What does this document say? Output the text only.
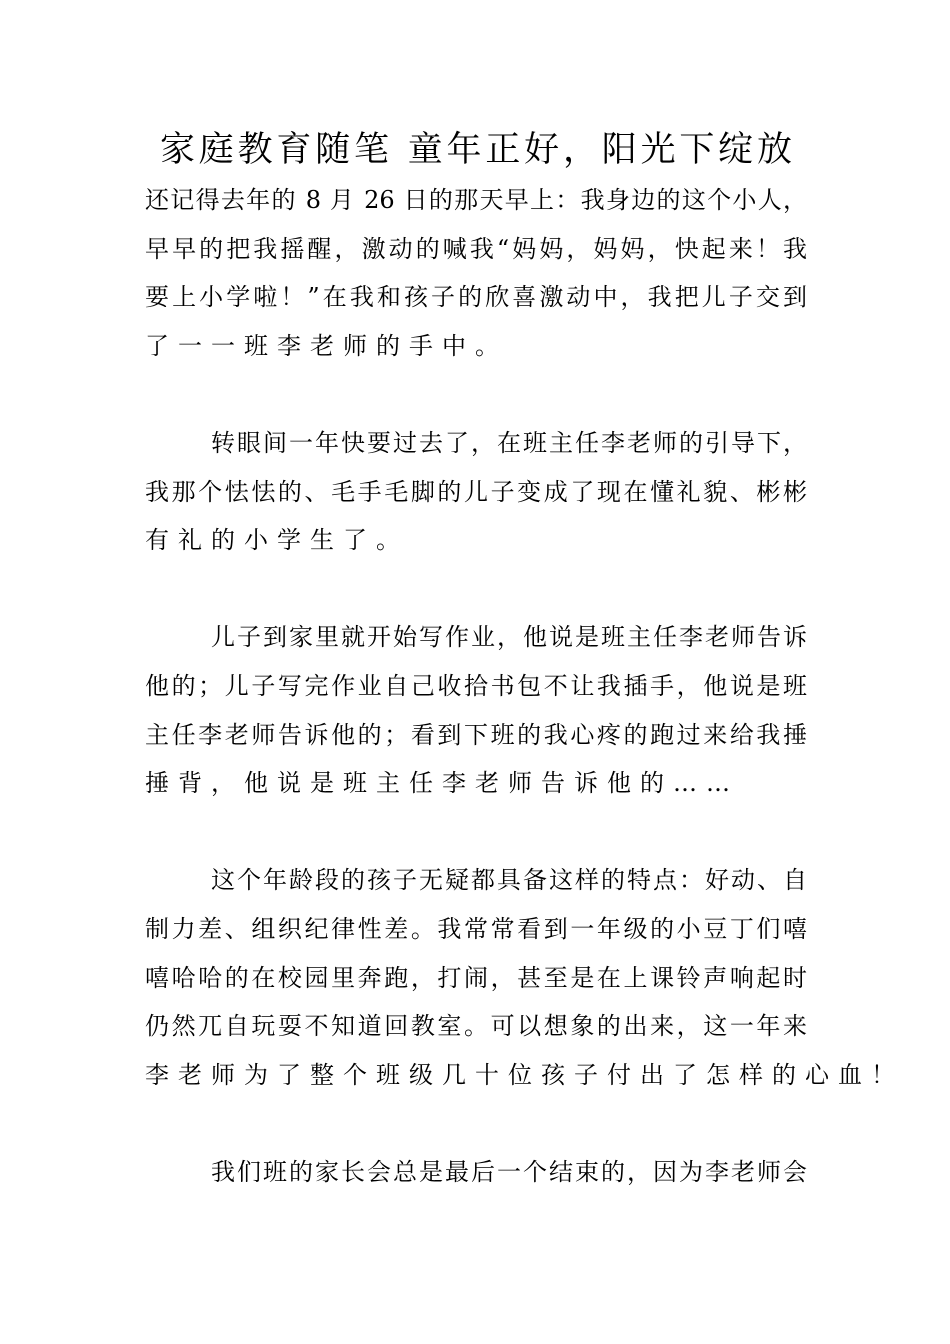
家庭教育随笔 童年正好，阳光下绽放
还记得去年的 8 月 26 日的那天早上：我身边的这个小人，
早早的把我摇醒，激动的喊我“妈妈，妈妈，快起来！我
要上小学啦！”在我和孩子的欣喜激动中，我把儿子交到
了一一班李老师的手中。
转眼间一年快要过去了，在班主任李老师的引导下，
我那个怯怯的、毛手毛脚的儿子变成了现在懂礼貌、彬彬
有礼的小学生了。
儿子到家里就开始写作业，他说是班主任李老师告诉
他的；儿子写完作业自己收拾书包不让我插手，他说是班
主任李老师告诉他的；看到下班的我心疼的跑过来给我捶
捶背，他说是班主任李老师告诉他的……
这个年龄段的孩子无疑都具备这样的特点：好动、自
制力差、组织纪律性差。我常常看到一年级的小豆丁们嘻
嘻哈哈的在校园里奔跑，打闹，甚至是在上课铃声响起时
仍然兀自玩耍不知道回教室。可以想象的出来，这一年来
李老师为了整个班级几十位孩子付出了怎样的心血！
我们班的家长会总是最后一个结束的，因为李老师会
